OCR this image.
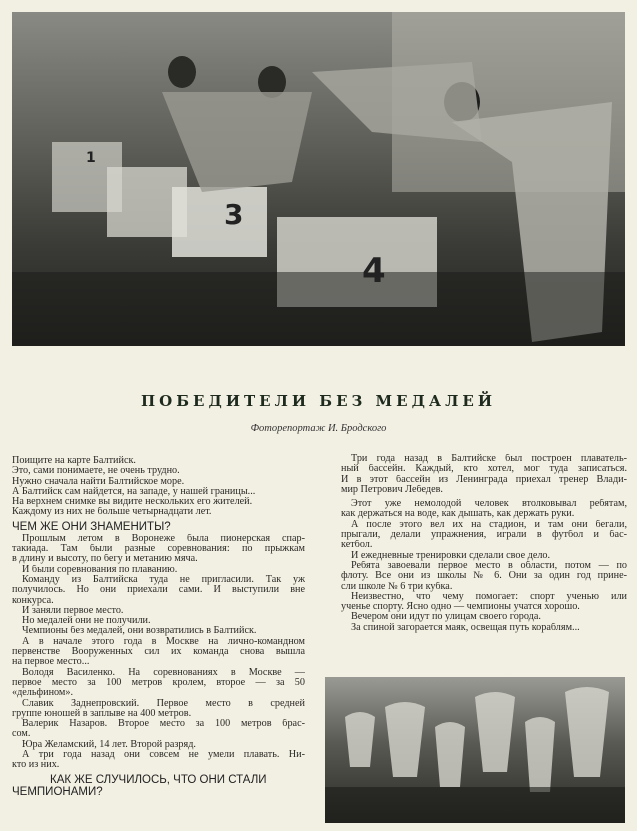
1
3
4
ПОБЕДИТЕЛИ БЕЗ МЕДАЛЕЙ
Фоторепортаж И. Бродского
Поищите на карте Балтийск.
Это, сами понимаете, не очень трудно.
Нужно сначала найти Балтийское море.
А Балтийск сам найдется, на западе, у нашей границы...
На верхнем снимке вы видите нескольких его жителей.
Каждому из них не больше четырнадцати лет.
ЧЕМ ЖЕ ОНИ ЗНАМЕНИТЫ?
Прошлым летом в Воронеже была пионерская спар-
такиада. Там были разные соревнования: по прыжкам
в длину и высоту, по бегу и метанию мяча.
И были соревнования по плаванию.
Команду из Балтийска туда не пригласили. Так уж
получилось. Но они приехали сами. И выступили вне
конкурса.
И заняли первое место.
Но медалей они не получили.
Чемпионы без медалей, они возвратились в Балтийск.
А в начале этого года в Москве на лично-командном
первенстве Вооруженных сил их команда снова вышла
на первое место...
Володя Василенко. На соревнованиях в Москве —
первое место за 100 метров кролем, второе — за 50
«дельфином».
Славик Заднепровский. Первое место в средней
группе юношей в заплыве на 400 метров.
Валерик Назаров. Второе место за 100 метров брас-
сом.
Юра Желамский, 14 лет. Второй разряд.
А три года назад они совсем не умели плавать. Ни-
кто из них.
КАК ЖЕ СЛУЧИЛОСЬ, ЧТО ОНИ СТАЛИ
ЧЕМПИОНАМИ?
Три года назад в Балтийске был построен плаватель-
ный бассейн. Каждый, кто хотел, мог туда записаться.
И в этот бассейн из Ленинграда приехал тренер Влади-
мир Петрович Лебедев.
Этот уже немолодой человек втолковывал ребятам,
как держаться на воде, как дышать, как держать руки.
А после этого вел их на стадион, и там они бегали,
прыгали, делали упражнения, играли в футбол и бас-
кетбол.
И ежедневные тренировки сделали свое дело.
Ребята завоевали первое место в области, потом — по
флоту. Все они из школы № 6. Они за один год прине-
сли школе № 6 три кубка.
Неизвестно, что чему помогает: спорт ученью или
ученье спорту. Ясно одно — чемпионы учатся хорошо.
Вечером они идут по улицам своего города.
За спиной загорается маяк, освещая путь кораблям...
